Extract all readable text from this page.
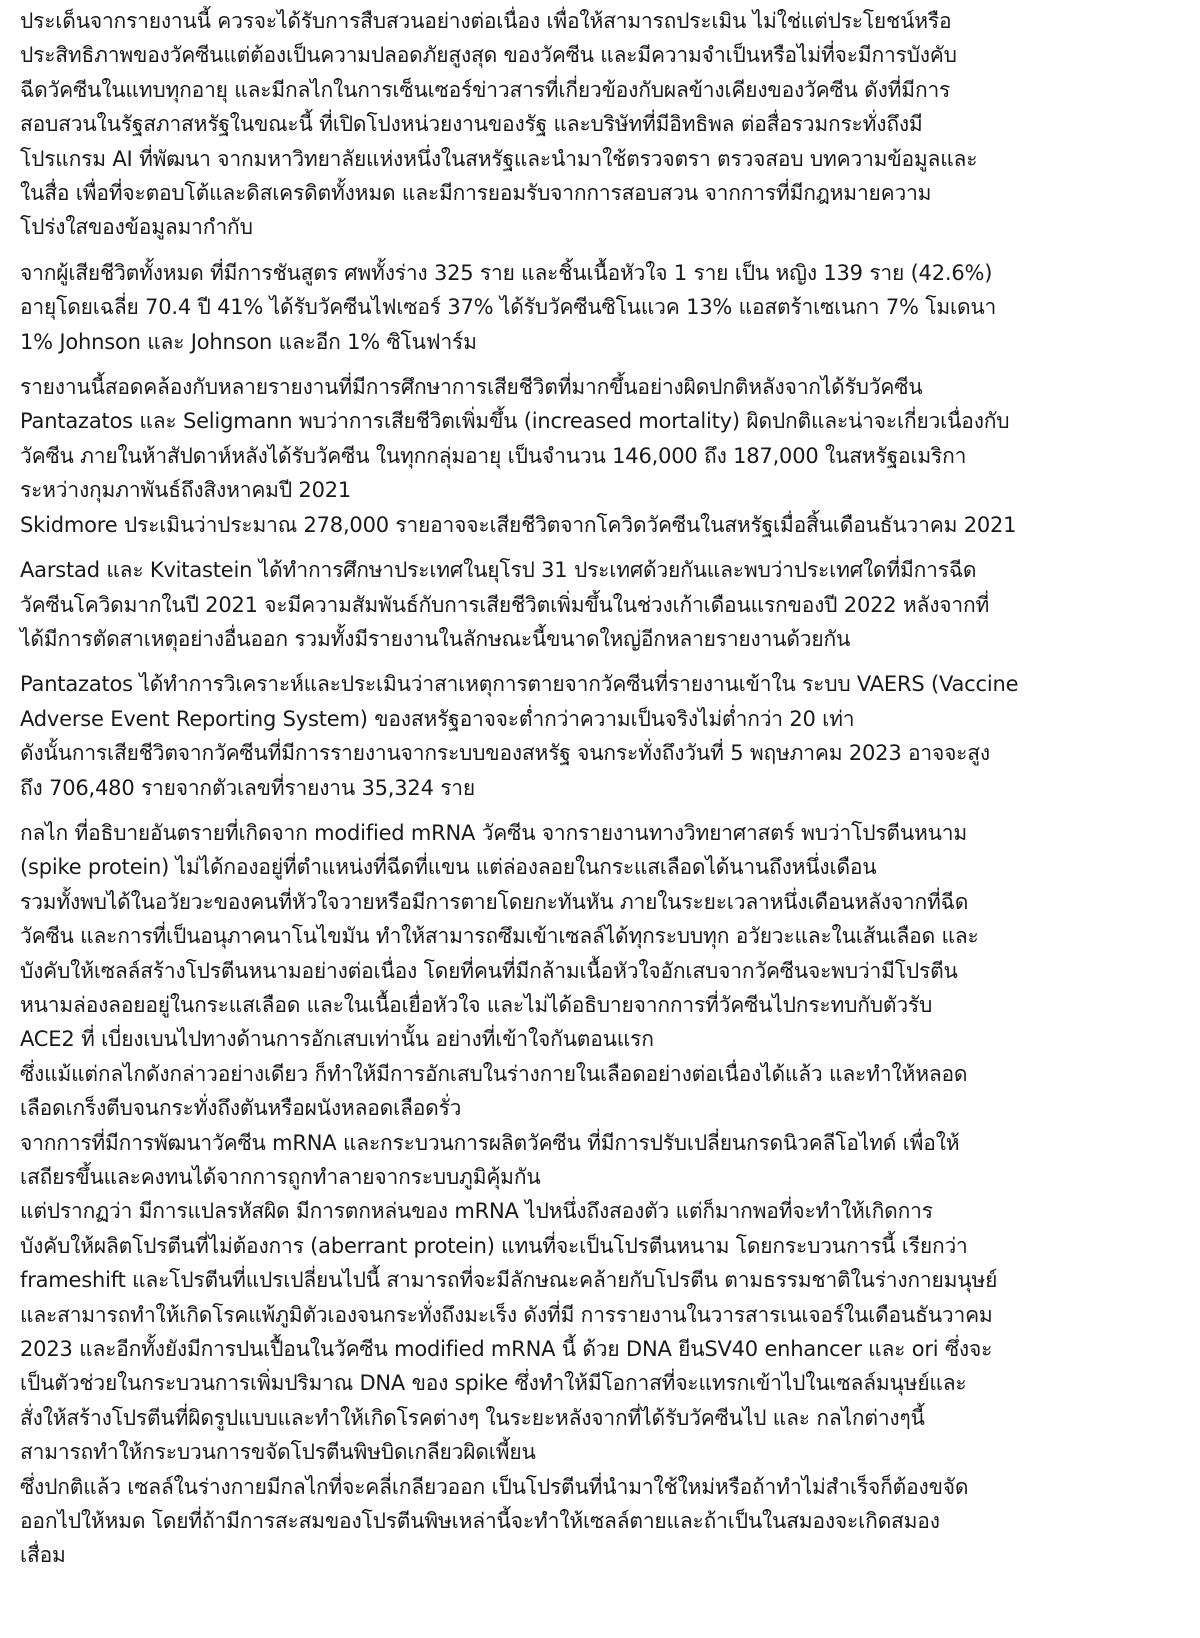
ประเด็นจากรายงานนี้ ควรจะได้รับการสืบสวนอย่างต่อเนื่อง เพื่อให้สามารถประเมิน ไม่ใช่แต่ประโยชน์หรือ
ประสิทธิภาพของวัคซีนแต่ต้องเป็นความปลอดภัยสูงสุด ของวัคซีน และมีความจำเป็นหรือไม่ที่จะมีการบังคับ
ฉีดวัคซีนในแทบทุกอายุ และมีกลไกในการเซ็นเซอร์ข่าวสารที่เกี่ยวข้องกับผลข้างเคียงของวัคซีน ดังที่มีการ
สอบสวนในรัฐสภาสหรัฐในขณะนี้ ที่เปิดโปงหน่วยงานของรัฐ และบริษัทที่มีอิทธิพล ต่อสื่อรวมกระทั่งถึงมี
โปรแกรม AI ที่พัฒนา จากมหาวิทยาลัยแห่งหนึ่งในสหรัฐและนำมาใช้ตรวจตรา ตรวจสอบ บทความข้อมูลและ
ในสื่อ เพื่อที่จะตอบโต้และดิสเครดิตทั้งหมด และมีการยอมรับจากการสอบสวน จากการที่มีกฎหมายความ
โปร่งใสของข้อมูลมากำกับ

จากผู้เสียชีวิตทั้งหมด ที่มีการชันสูตร ศพทั้งร่าง 325 ราย และชิ้นเนื้อหัวใจ 1 ราย เป็น หญิง 139 ราย (42.6%)
อายุโดยเฉลี่ย 70.4 ปี 41% ได้รับวัคซีนไฟเซอร์ 37% ได้รับวัคซีนซิโนแวค 13% แอสตร้าเซเนกา 7% โมเดนา
1% Johnson และ Johnson และอีก 1% ซิโนฟาร์ม

รายงานนี้สอดคล้องกับหลายรายงานที่มีการศึกษาการเสียชีวิตที่มากขึ้นอย่างผิดปกติหลังจากได้รับวัคซีน
Pantazatos และ Seligmann พบว่าการเสียชีวิตเพิ่มขึ้น (increased mortality) ผิดปกติและน่าจะเกี่ยวเนื่องกับ
วัคซีน ภายในห้าสัปดาห์หลังได้รับวัคซีน ในทุกกลุ่มอายุ เป็นจำนวน 146,000 ถึง 187,000 ในสหรัฐอเมริกา
ระหว่างกุมภาพันธ์ถึงสิงหาคมปี 2021

Skidmore ประเมินว่าประมาณ 278,000 รายอาจจะเสียชีวิตจากโควิดวัคซีนในสหรัฐเมื่อสิ้นเดือนธันวาคม 2021

Aarstad และ Kvitastein ได้ทำการศึกษาประเทศในยุโรป 31 ประเทศด้วยกันและพบว่าประเทศใดที่มีการฉีด
วัคซีนโควิดมากในปี 2021 จะมีความสัมพันธ์กับการเสียชีวิตเพิ่มขึ้นในช่วงเก้าเดือนแรกของปี 2022 หลังจากที่
ได้มีการตัดสาเหตุอย่างอื่นออก รวมทั้งมีรายงานในลักษณะนี้ขนาดใหญ่อีกหลายรายงานด้วยกัน

Pantazatos ได้ทำการวิเคราะห์และประเมินว่าสาเหตุการตายจากวัคซีนที่รายงานเข้าใน ระบบ VAERS (Vaccine
Adverse Event Reporting System) ของสหรัฐอาจจะต่ำกว่าความเป็นจริงไม่ต่ำกว่า 20 เท่า
ดังนั้นการเสียชีวิตจากวัคซีนที่มีการรายงานจากระบบของสหรัฐ จนกระทั่งถึงวันที่ 5 พฤษภาคม 2023 อาจจะสูง
ถึง 706,480 รายจากตัวเลขที่รายงาน 35,324 ราย

กลไก ที่อธิบายอันตรายที่เกิดจาก modified mRNA วัคซีน จากรายงานทางวิทยาศาสตร์ พบว่าโปรตีนหนาม
(spike protein) ไม่ได้กองอยู่ที่ตำแหน่งที่ฉีดที่แขน แต่ล่องลอยในกระแสเลือดได้นานถึงหนึ่งเดือน
รวมทั้งพบได้ในอวัยวะของคนที่หัวใจวายหรือมีการตายโดยกะทันหัน ภายในระยะเวลาหนึ่งเดือนหลังจากที่ฉีด
วัคซีน และการที่เป็นอนุภาคนาโนไขมัน ทำให้สามารถซึมเข้าเซลล์ได้ทุกระบบทุก อวัยวะและในเส้นเลือด และ
บังคับให้เซลล์สร้างโปรตีนหนามอย่างต่อเนื่อง โดยที่คนที่มีกล้ามเนื้อหัวใจอักเสบจากวัคซีนจะพบว่ามีโปรตีน
หนามล่องลอยอยู่ในกระแสเลือด และในเนื้อเยื่อหัวใจ และไม่ได้อธิบายจากการที่วัคซีนไปกระทบกับตัวรับ
ACE2 ที่ เบี่ยงเบนไปทางด้านการอักเสบเท่านั้น อย่างที่เข้าใจกันตอนแรก

ซึ่งแม้แต่กลไกดังกล่าวอย่างเดียว ก็ทำให้มีการอักเสบในร่างกายในเลือดอย่างต่อเนื่องได้แล้ว และทำให้หลอด
เลือดเกร็งตีบจนกระทั่งถึงตันหรือผนังหลอดเลือดรั่ว

จากการที่มีการพัฒนาวัคซีน mRNA และกระบวนการผลิตวัคซีน ที่มีการปรับเปลี่ยนกรดนิวคลีโอไทด์ เพื่อให้
เสถียรขึ้นและคงทนได้จากการถูกทำลายจากระบบภูมิคุ้มกัน

แต่ปรากฏว่า มีการแปลรหัสผิด มีการตกหล่นของ mRNA ไปหนึ่งถึงสองตัว แต่ก็มากพอที่จะทำให้เกิดการ
บังคับให้ผลิตโปรตีนที่ไม่ต้องการ (aberrant protein) แทนที่จะเป็นโปรตีนหนาม โดยกระบวนการนี้ เรียกว่า
frameshift และโปรตีนที่แปรเปลี่ยนไปนี้ สามารถที่จะมีลักษณะคล้ายกับโปรตีน ตามธรรมชาติในร่างกายมนุษย์
และสามารถทำให้เกิดโรคแพ้ภูมิตัวเองจนกระทั่งถึงมะเร็ง ดังที่มี การรายงานในวารสารเนเจอร์ในเดือนธันวาคม
2023 และอีกทั้งยังมีการปนเปื้อนในวัคซีน modified mRNA นี้ ด้วย DNA ยีนSV40 enhancer และ ori ซึ่งจะ
เป็นตัวช่วยในกระบวนการเพิ่มปริมาณ DNA ของ spike ซึ่งทำให้มีโอกาสที่จะแทรกเข้าไปในเซลล์มนุษย์และ
สั่งให้สร้างโปรตีนที่ผิดรูปแบบและทำให้เกิดโรคต่างๆ ในระยะหลังจากที่ได้รับวัคซีนไป และ กลไกต่างๆนี้
สามารถทำให้กระบวนการขจัดโปรตีนพิษบิดเกลียวผิดเพี้ยน

ซึ่งปกติแล้ว เซลล์ในร่างกายมีกลไกที่จะคลี่เกลียวออก เป็นโปรตีนที่นำมาใช้ใหม่หรือถ้าทำไม่สำเร็จก็ต้องขจัด
ออกไปให้หมด โดยที่ถ้ามีการสะสมของโปรตีนพิษเหล่านี้จะทำให้เซลล์ตายและถ้าเป็นในสมองจะเกิดสมอง
เสื่อม
